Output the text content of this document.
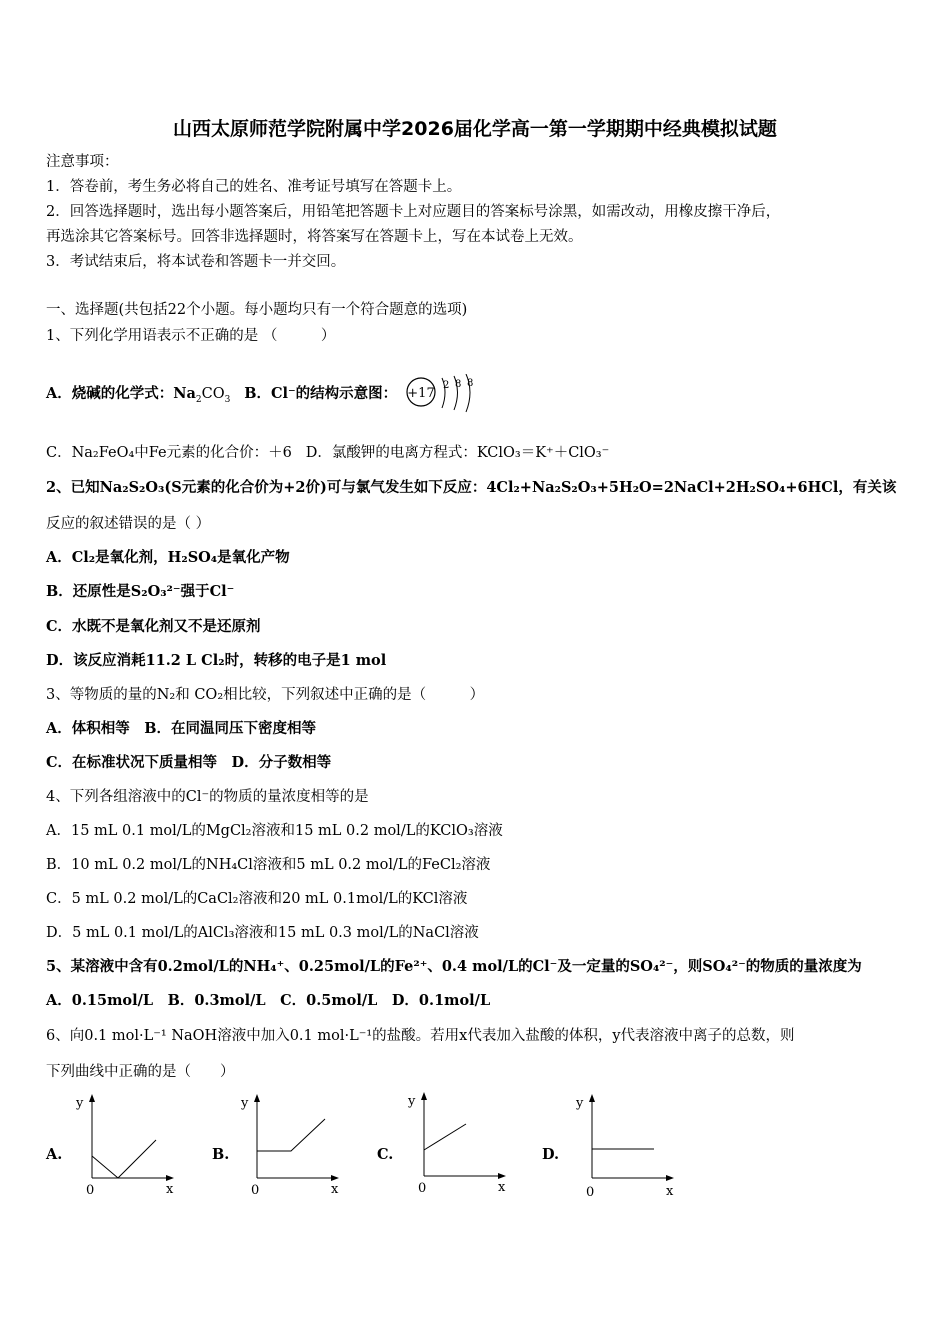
山西太原师范学院附属中学2026届化学高一第一学期期中经典模拟试题
注意事项：
1．答卷前，考生务必将自己的姓名、准考证号填写在答题卡上。
2．回答选择题时，选出每小题答案后，用铅笔把答题卡上对应题目的答案标号涂黑，如需改动，用橡皮擦干净后，
再选涂其它答案标号。回答非选择题时，将答案写在答题卡上，写在本试卷上无效。
3．考试结束后，将本试卷和答题卡一并交回。
一、选择题(共包括22个小题。每小题均只有一个符合题意的选项)
1、下列化学用语表示不正确的是 （　　　）
A．烧碱的化学式：$Na_2CO_3$ B．Cl⁻的结构示意图： +17
2 8 8
C．Na₂FeO₄中Fe元素的化合价：＋6 D．氯酸钾的电离方程式：KClO₃＝K⁺＋ClO₃⁻
2、已知Na₂S₂O₃(S元素的化合价为+2价)可与氯气发生如下反应：4Cl₂+Na₂S₂O₃+5H₂O=2NaCl+2H₂SO₄+6HCl，有关该
反应的叙述错误的是（ ）
A．Cl₂是氧化剂，H₂SO₄是氧化产物
B．还原性是S₂O₃²⁻强于Cl⁻
C．水既不是氧化剂又不是还原剂
D．该反应消耗11.2 L Cl₂时，转移的电子是1 mol
3、等物质的量的N₂和 CO₂相比较，下列叙述中正确的是（　　　）
A．体积相等　B．在同温同压下密度相等
C．在标准状况下质量相等　D．分子数相等
4、下列各组溶液中的Cl⁻的物质的量浓度相等的是
A．15 mL 0.1 mol/L的MgCl₂溶液和15 mL 0.2 mol/L的KClO₃溶液
B．10 mL 0.2 mol/L的NH₄Cl溶液和5 mL 0.2 mol/L的FeCl₂溶液
C．5 mL 0.2 mol/L的CaCl₂溶液和20 mL 0.1mol/L的KCl溶液
D．5 mL 0.1 mol/L的AlCl₃溶液和15 mL 0.3 mol/L的NaCl溶液
5、某溶液中含有0.2mol/L的NH₄⁺、0.25mol/L的Fe²⁺、0.4 mol/L的Cl⁻及一定量的SO₄²⁻，则SO₄²⁻的物质的量浓度为
A．0.15mol/L　B．0.3mol/L　C．0.5mol/L　D．0.1mol/L
6、向0.1 mol·L⁻¹ NaOH溶液中加入0.1 mol·L⁻¹的盐酸。若用x代表加入盐酸的体积，y代表溶液中离子的总数，则
下列曲线中正确的是（　　）
A.
y
x
0
B.
y
x
0
C.
y
x
0
D.
y
x
0
